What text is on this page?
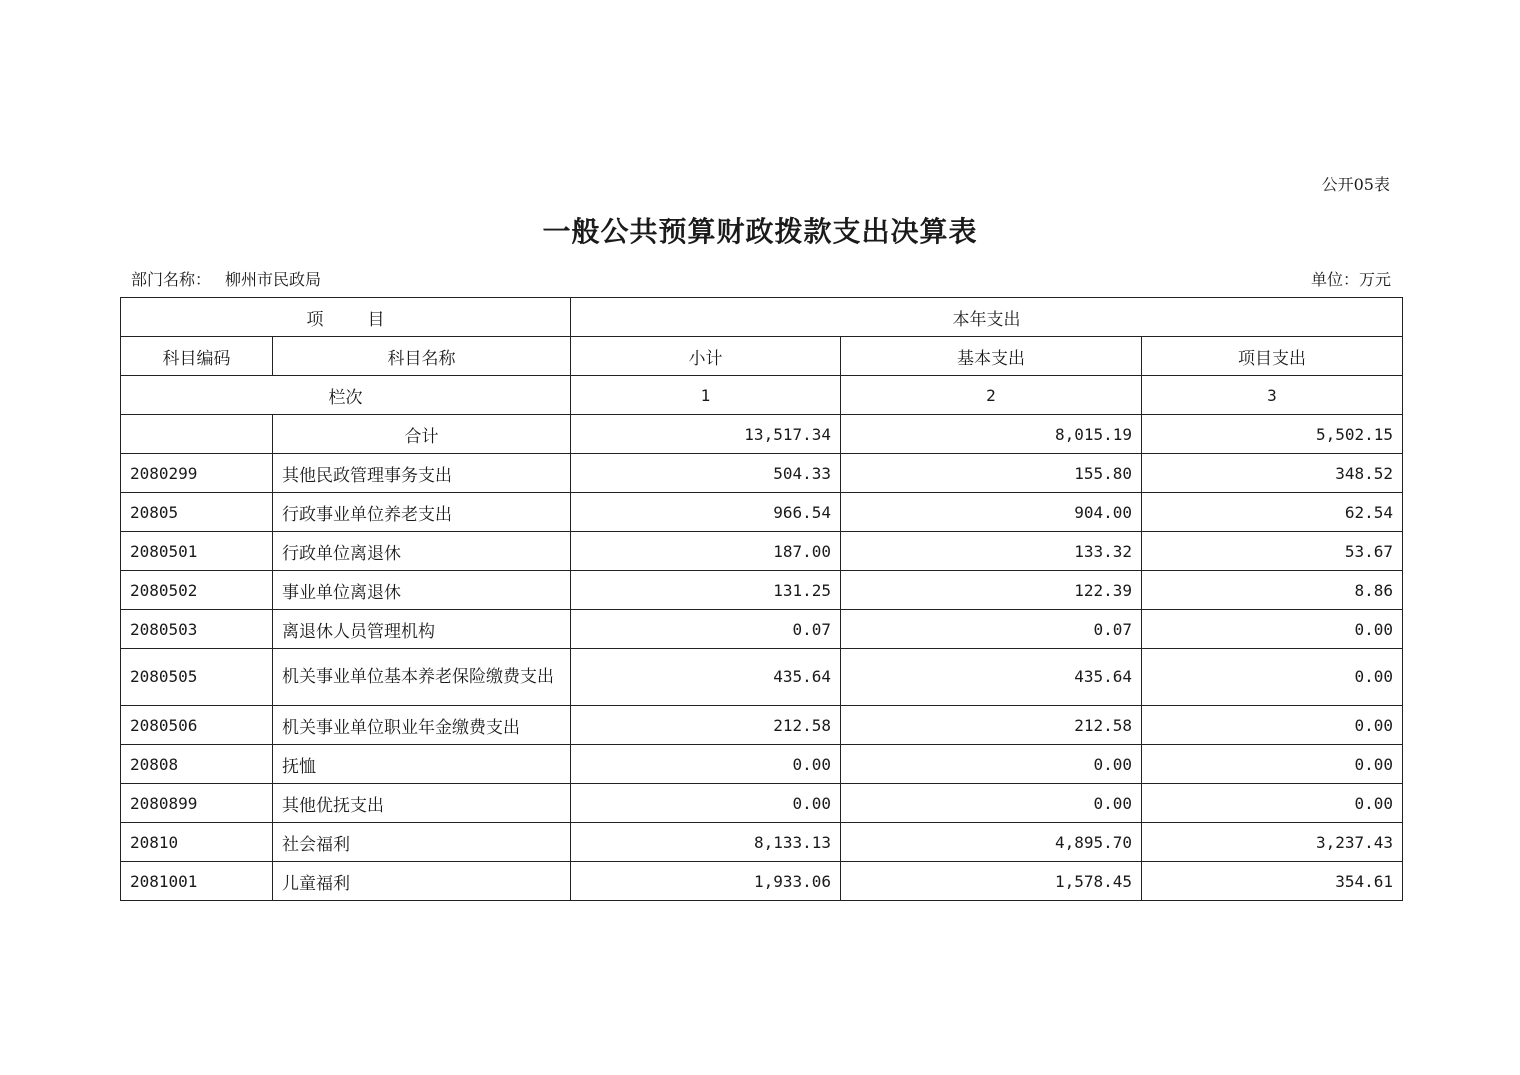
公开05表
一般公共预算财政拨款支出决算表
部门名称： 柳州市民政局	单位：万元
项 目		本年支出		
科目编码	科目名称	小计	基本支出	项目支出
栏次		1	2	3
	合计	13,517.34	8,015.19	5,502.15
2080299	其他民政管理事务支出	504.33	155.80	348.52
20805	行政事业单位养老支出	966.54	904.00	62.54
2080501	行政单位离退休	187.00	133.32	53.67
2080502	事业单位离退休	131.25	122.39	8.86
2080503	离退休人员管理机构	0.07	0.07	0.00
2080505	机关事业单位基本养老保险缴费支出	435.64	435.64	0.00
2080506	机关事业单位职业年金缴费支出	212.58	212.58	0.00
20808	抚恤	0.00	0.00	0.00
2080899	其他优抚支出	0.00	0.00	0.00
20810	社会福利	8,133.13	4,895.70	3,237.43
2081001	儿童福利	1,933.06	1,578.45	354.61
